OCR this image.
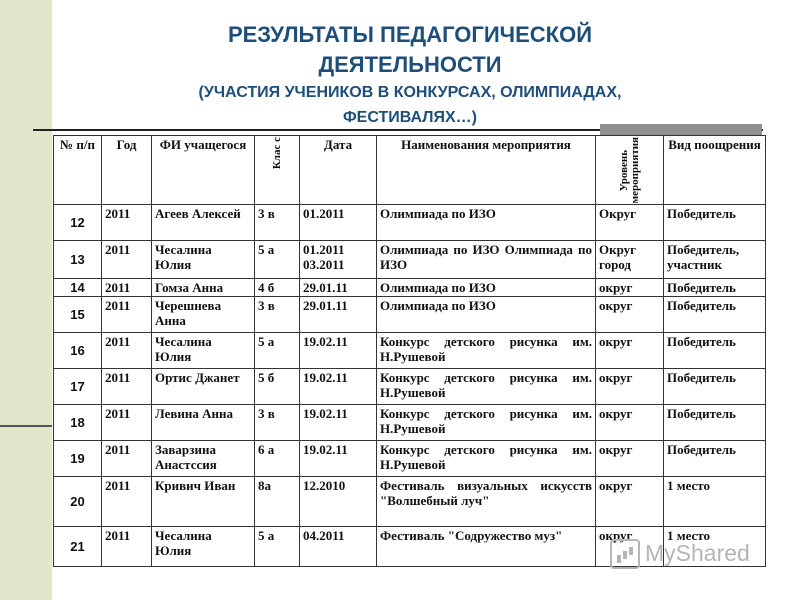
РЕЗУЛЬТАТЫ ПЕДАГОГИЧЕСКОЙ
ДЕЯТЕЛЬНОСТИ
(УЧАСТИЯ УЧЕНИКОВ В КОНКУРСАХ, ОЛИМПИАДАХ,
ФЕСТИВАЛЯХ…)
№ п/п	Год	ФИ учащегося	Клас с	Дата	Наименования мероприятия	Уровень мероприятия	Вид поощрения
12	2011	Агеев Алексей	3 в	01.2011	Олимпиада по ИЗО	Округ	Победитель
13	2011	Чесалина Юлия	5 а	01.2011 03.2011	Олимпиада по ИЗО Олимпиада по ИЗО	Округ город	Победитель, участник
14	2011	Гомза Анна	4 б	29.01.11	Олимпиада по ИЗО	округ	Победитель
15	2011	Черешнева Анна	3 в	29.01.11	Олимпиада по ИЗО	округ	Победитель
16	2011	Чесалина Юлия	5 а	19.02.11	Конкурс детского рисунка им. Н.Рушевой	округ	Победитель
17	2011	Ортис Джанет	5 б	19.02.11	Конкурс детского рисунка им. Н.Рушевой	округ	Победитель
18	2011	Левина Анна	3 в	19.02.11	Конкурс детского рисунка им. Н.Рушевой	округ	Победитель
19	2011	Заварзина Анастссия	6 а	19.02.11	Конкурс детского рисунка им. Н.Рушевой	округ	Победитель
20	2011	Кривич Иван	8а	12.2010	Фестиваль визуальных искусств "Волшебный луч"	округ	1 место
21	2011	Чесалина Юлия	5 а	04.2011	Фестиваль "Содружество муз"	округ	1 место
MyShared
